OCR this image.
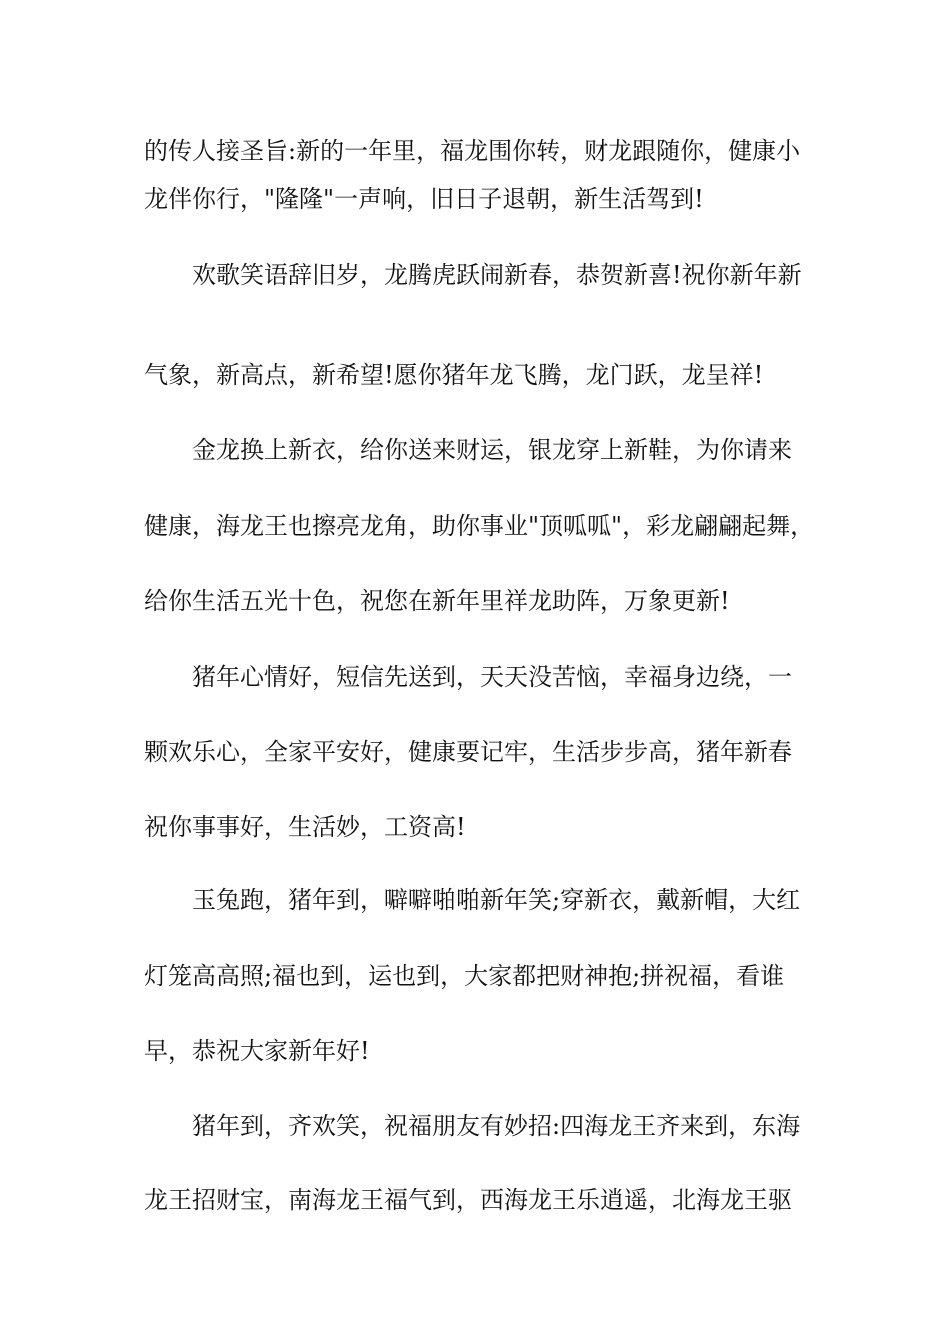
的传人接圣旨:新的一年里，福龙围你转，财龙跟随你，健康小
龙伴你行，"隆隆"一声响，旧日子退朝，新生活驾到!
欢歌笑语辞旧岁，龙腾虎跃闹新春，恭贺新喜!祝你新年新
气象，新高点，新希望!愿你猪年龙飞腾，龙门跃，龙呈祥!
金龙换上新衣，给你送来财运，银龙穿上新鞋，为你请来
健康，海龙王也擦亮龙角，助你事业"顶呱呱"，彩龙翩翩起舞，
给你生活五光十色，祝您在新年里祥龙助阵，万象更新!
猪年心情好，短信先送到，天天没苦恼，幸福身边绕，一
颗欢乐心，全家平安好，健康要记牢，生活步步高，猪年新春
祝你事事好，生活妙，工资高!
玉兔跑，猪年到，噼噼啪啪新年笑;穿新衣，戴新帽，大红
灯笼高高照;福也到，运也到，大家都把财神抱;拼祝福，看谁
早，恭祝大家新年好!
猪年到，齐欢笑，祝福朋友有妙招:四海龙王齐来到，东海
龙王招财宝，南海龙王福气到，西海龙王乐逍遥，北海龙王驱
